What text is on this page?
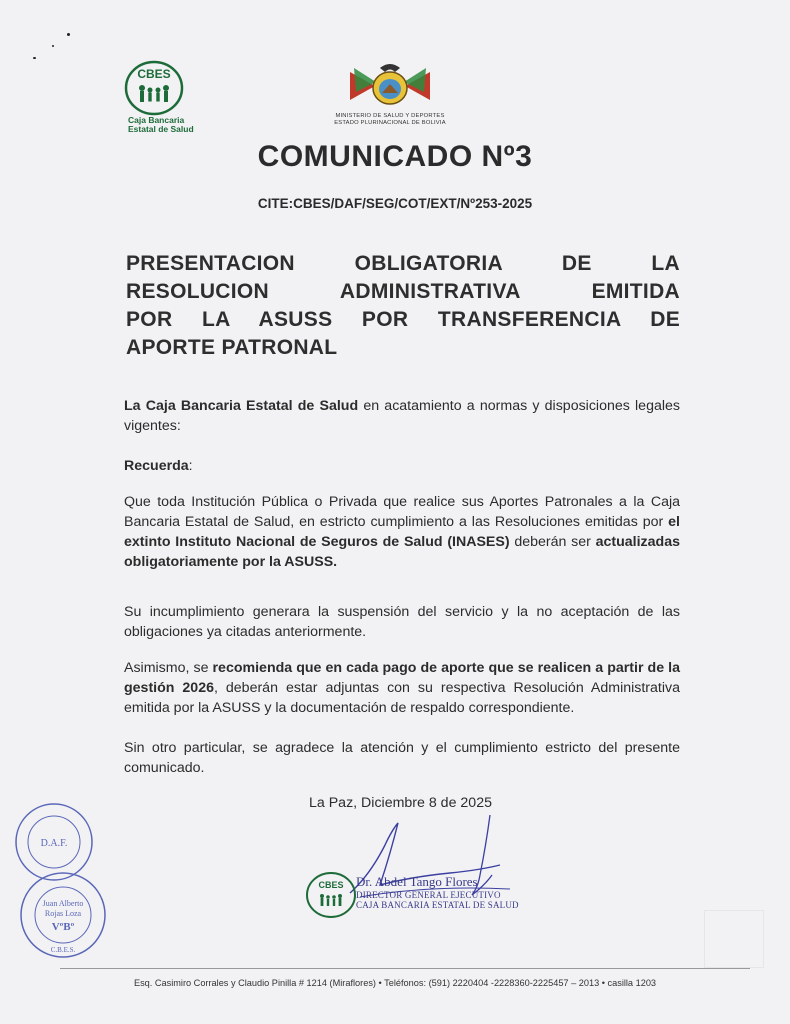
CBES
Caja Bancaria
Estatal de Salud
MINISTERIO DE SALUD Y DEPORTES
ESTADO PLURINACIONAL DE BOLIVIA
COMUNICADO Nº3
CITE:CBES/DAF/SEG/COT/EXT/Nº253-2025
PRESENTACION OBLIGATORIA DE LA
RESOLUCION ADMINISTRATIVA EMITIDA
POR LA ASUSS POR TRANSFERENCIA DE
APORTE PATRONAL
La Caja Bancaria Estatal de Salud en acatamiento a normas y disposiciones legales vigentes:
Recuerda:
Que toda Institución Pública o Privada que realice sus Aportes Patronales a la Caja Bancaria Estatal de Salud, en estricto cumplimiento a las Resoluciones emitidas por el extinto Instituto Nacional de Seguros de Salud (INASES) deberán ser actualizadas obligatoriamente por la ASUSS.
Su incumplimiento generara la suspensión del servicio y la no aceptación de las obligaciones ya citadas anteriormente.
Asimismo, se recomienda que en cada pago de aporte que se realicen a partir de la gestión 2026, deberán estar adjuntas con su respectiva Resolución Administrativa emitida por la ASUSS y la documentación de respaldo correspondiente.
Sin otro particular, se agradece la atención y el cumplimiento estricto del presente comunicado.
La Paz, Diciembre 8 de 2025
CBES Dr. Abdel Tango Flores
DIRECTOR GENERAL EJECUTIVO
CAJA BANCARIA ESTATAL DE SALUD
D.A.F.
Juan Alberto
Rojas Loza
VºBº
C.B.E.S.
Esq. Casimiro Corrales y Claudio Pinilla # 1214 (Miraflores) • Teléfonos: (591) 2220404 -2228360-2225457 – 2013 • casilla 1203
